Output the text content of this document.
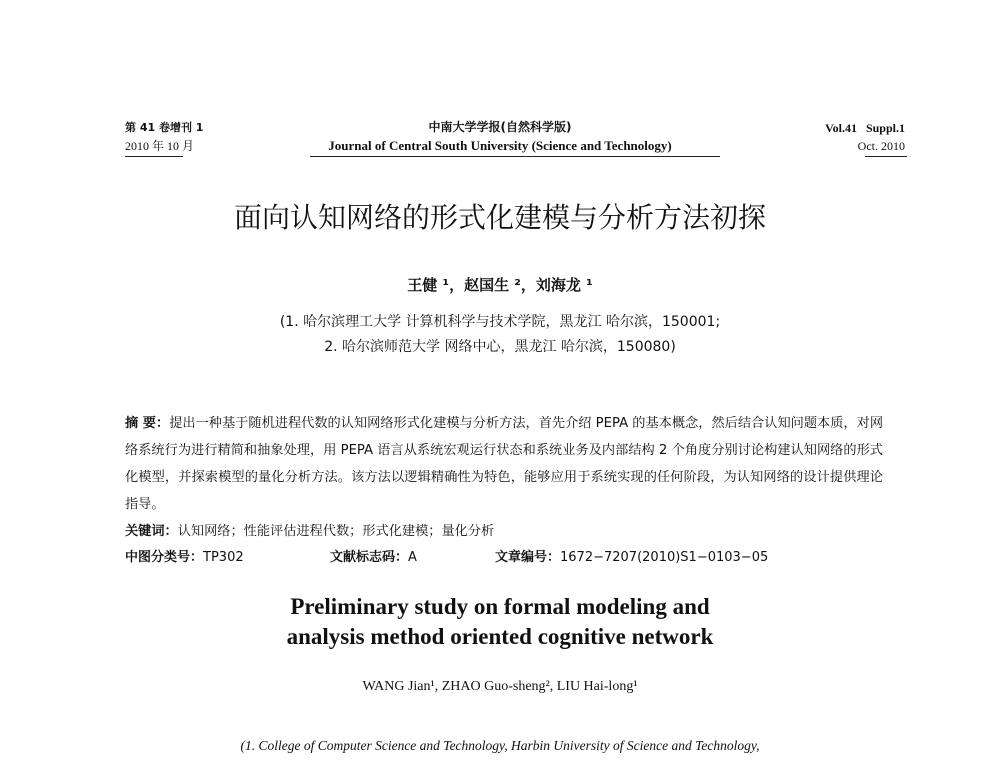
第 41 卷增刊 1
2010 年 10 月
中南大学学报(自然科学版)
Journal of Central South University (Science and Technology)
Vol.41   Suppl.1
Oct. 2010
面向认知网络的形式化建模与分析方法初探
王健 ¹，赵国生 ²，刘海龙 ¹
(1. 哈尔滨理工大学 计算机科学与技术学院，黑龙江 哈尔滨，150001;
2. 哈尔滨师范大学 网络中心，黑龙江 哈尔滨，150080)
摘 要：提出一种基于随机进程代数的认知网络形式化建模与分析方法，首先介绍 PEPA 的基本概念，然后结合认知问题本质，对网络系统行为进行精简和抽象处理，用 PEPA 语言从系统宏观运行状态和系统业务及内部结构 2 个角度分别讨论构建认知网络的形式化模型，并探索模型的量化分析方法。该方法以逻辑精确性为特色，能够应用于系统实现的任何阶段，为认知网络的设计提供理论指导。
关键词：认知网络；性能评估进程代数；形式化建模；量化分析
中图分类号：TP302	文献标志码：A	文章编号：1672−7207(2010)S1−0103−05
Preliminary study on formal modeling and
analysis method oriented cognitive network
WANG Jian¹, ZHAO Guo-sheng², LIU Hai-long¹
(1. College of Computer Science and Technology, Harbin University of Science and Technology,
